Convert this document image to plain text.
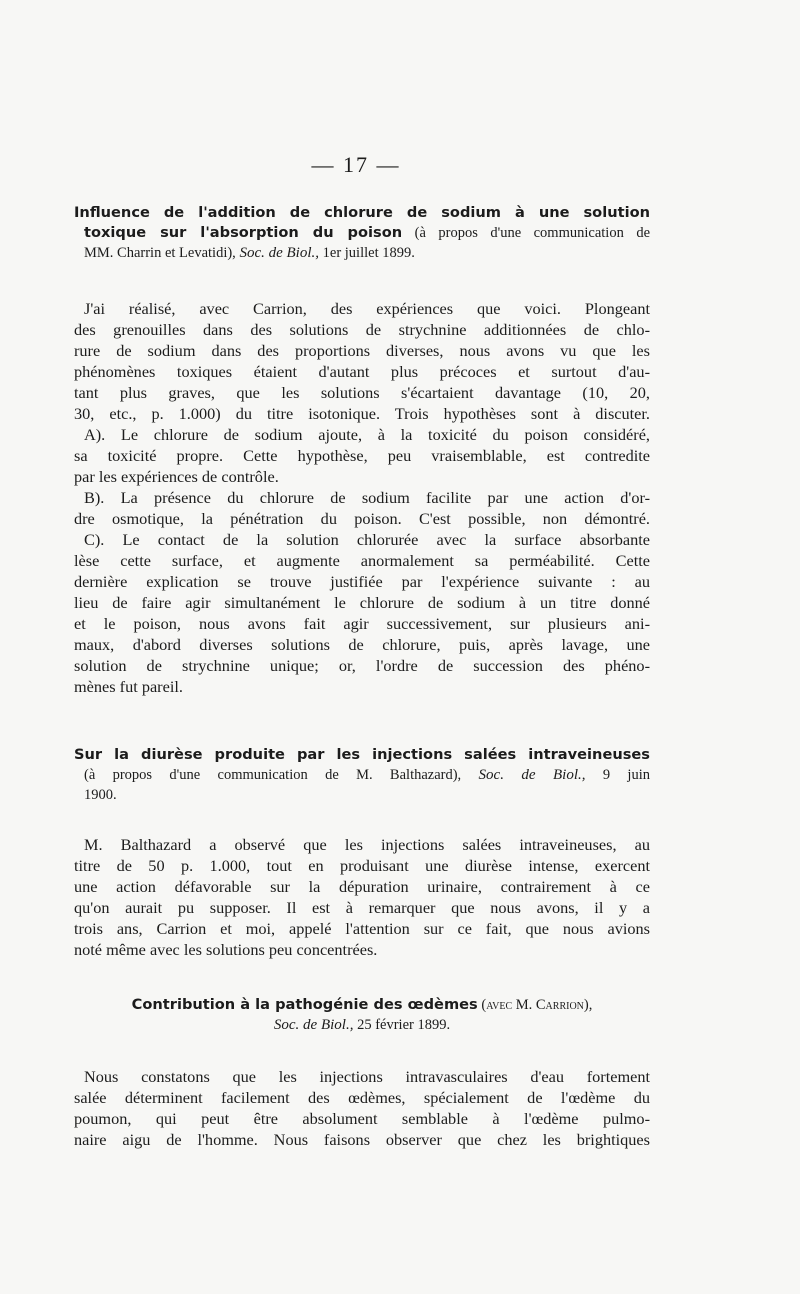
— 17 —
Influence de l'addition de chlorure de sodium à une solution
toxique sur l'absorption du poison (à propos d'une communication de
MM. Charrin et Levatidi), Soc. de Biol., 1er juillet 1899.
J'ai réalisé, avec Carrion, des expériences que voici. Plongeant
des grenouilles dans des solutions de strychnine additionnées de chlo-
rure de sodium dans des proportions diverses, nous avons vu que les
phénomènes toxiques étaient d'autant plus précoces et surtout d'au-
tant plus graves, que les solutions s'écartaient davantage (10, 20,
30, etc., p. 1.000) du titre isotonique. Trois hypothèses sont à discuter.
A). Le chlorure de sodium ajoute, à la toxicité du poison considéré,
sa toxicité propre. Cette hypothèse, peu vraisemblable, est contredite
par les expériences de contrôle.
B). La présence du chlorure de sodium facilite par une action d'or-
dre osmotique, la pénétration du poison. C'est possible, non démontré.
C). Le contact de la solution chlorurée avec la surface absorbante
lèse cette surface, et augmente anormalement sa perméabilité. Cette
dernière explication se trouve justifiée par l'expérience suivante : au
lieu de faire agir simultanément le chlorure de sodium à un titre donné
et le poison, nous avons fait agir successivement, sur plusieurs ani-
maux, d'abord diverses solutions de chlorure, puis, après lavage, une
solution de strychnine unique; or, l'ordre de succession des phéno-
mènes fut pareil.
Sur la diurèse produite par les injections salées intraveineuses
(à propos d'une communication de M. Balthazard), Soc. de Biol., 9 juin
1900.
M. Balthazard a observé que les injections salées intraveineuses, au
titre de 50 p. 1.000, tout en produisant une diurèse intense, exercent
une action défavorable sur la dépuration urinaire, contrairement à ce
qu'on aurait pu supposer. Il est à remarquer que nous avons, il y a
trois ans, Carrion et moi, appelé l'attention sur ce fait, que nous avions
noté même avec les solutions peu concentrées.
Contribution à la pathogénie des œdèmes (avec M. Carrion),
Soc. de Biol., 25 février 1899.
Nous constatons que les injections intravasculaires d'eau fortement
salée déterminent facilement des œdèmes, spécialement de l'œdème du
poumon, qui peut être absolument semblable à l'œdème pulmo-
naire aigu de l'homme. Nous faisons observer que chez les brightiques
